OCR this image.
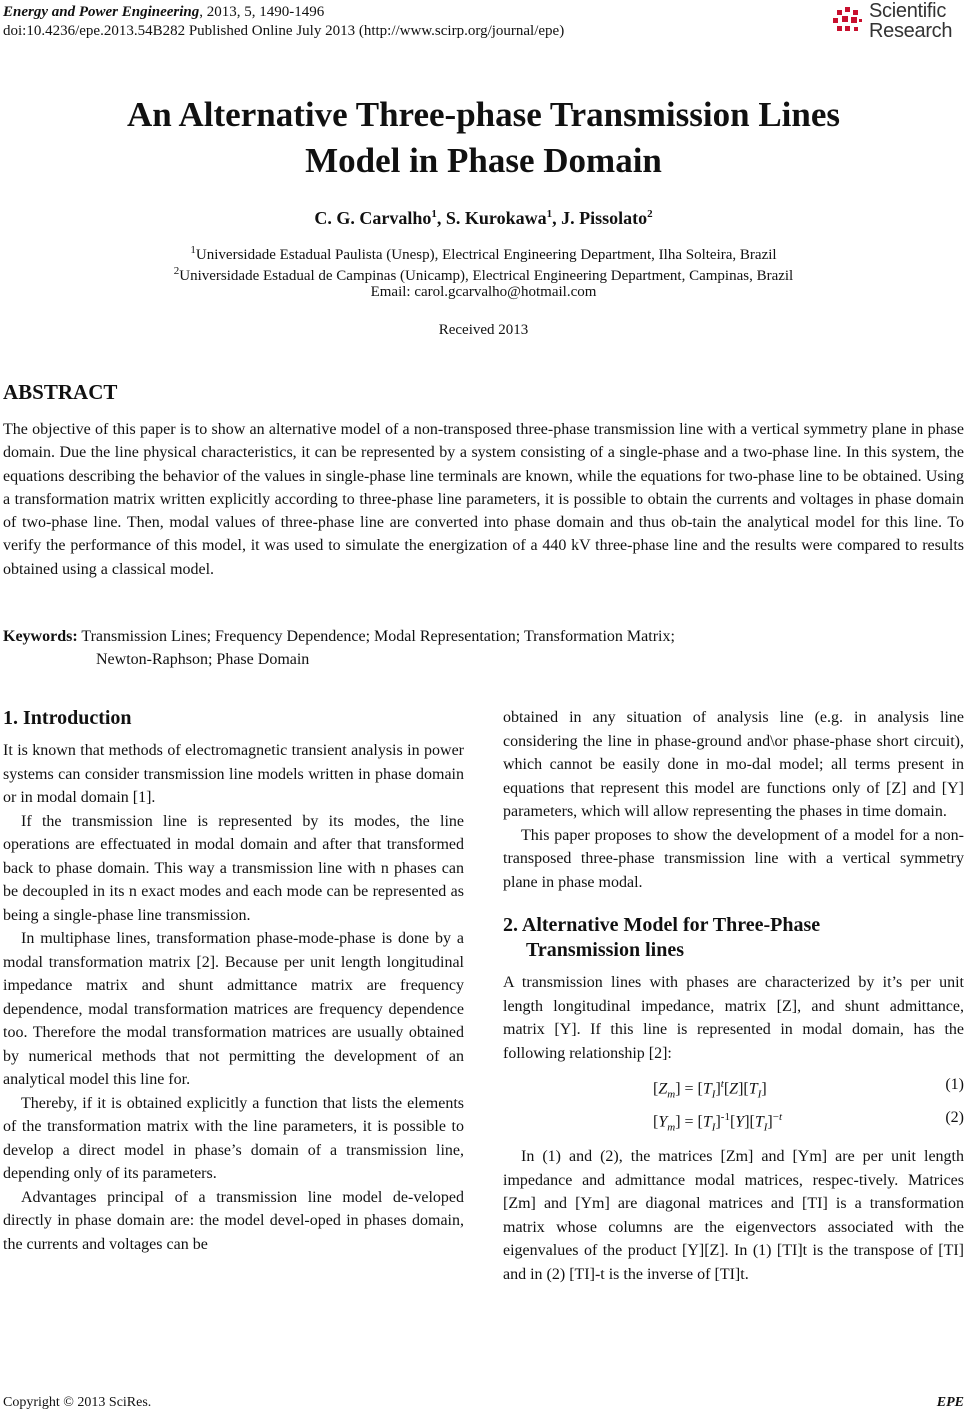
Energy and Power Engineering, 2013, 5, 1490-1496
doi:10.4236/epe.2013.54B282 Published Online July 2013 (http://www.scirp.org/journal/epe)
Scientific
Research
An Alternative Three-phase Transmission Lines
Model in Phase Domain
C. G. Carvalho$^1$, S. Kurokawa$^1$, J. Pissolato$^2$
$^1$Universidade Estadual Paulista (Unesp), Electrical Engineering Department, Ilha Solteira, Brazil
$^2$Universidade Estadual de Campinas (Unicamp), Electrical Engineering Department, Campinas, Brazil
Email: carol.gcarvalho@hotmail.com
Received 2013
ABSTRACT
The objective of this paper is to show an alternative model of a non-transposed three-phase transmission line with a vertical symmetry plane in phase domain. Due the line physical characteristics, it can be represented by a system consisting of a single-phase and a two-phase line. In this system, the equations describing the behavior of the values in single-phase line terminals are known, while the equations for two-phase line to be obtained. Using a transformation matrix written explicitly according to three-phase line parameters, it is possible to obtain the currents and voltages in phase domain of two-phase line. Then, modal values of three-phase line are converted into phase domain and thus ob-tain the analytical model for this line. To verify the performance of this model, it was used to simulate the energization of a 440 kV three-phase line and the results were compared to results obtained using a classical model.
Keywords: Transmission Lines; Frequency Dependence; Modal Representation; Transformation Matrix;
Newton-Raphson; Phase Domain
1. Introduction

It is known that methods of electromagnetic transient analysis in power systems can consider transmission line models written in phase domain or in modal domain [1].

If the transmission line is represented by its modes, the line operations are effectuated in modal domain and after that transformed back to phase domain. This way a transmission line with n phases can be decoupled in its n exact modes and each mode can be represented as being a single-phase line transmission.

In multiphase lines, transformation phase-mode-phase is done by a modal transformation matrix [2]. Because per unit length longitudinal impedance matrix and shunt admittance matrix are frequency dependence, modal transformation matrices are frequency dependence too. Therefore the modal transformation matrices are usually obtained by numerical methods that not permitting the development of an analytical model this line for.

Thereby, if it is obtained explicitly a function that lists the elements of the transformation matrix with the line parameters, it is possible to develop a direct model in phase’s domain of a transmission line, depending only of its parameters.

Advantages principal of a transmission line model de-veloped directly in phase domain are: the model devel-oped in phases domain, the currents and voltages can be

obtained in any situation of analysis line (e.g. in analysis line considering the line in phase-ground and\or phase-phase short circuit), which cannot be easily done in mo-dal model; all terms present in equations that represent this model are functions only of [Z] and [Y] parameters, which will allow representing the phases in time domain.

This paper proposes to show the development of a model for a non-transposed three-phase transmission line with a vertical symmetry plane in phase modal.

2. Alternative Model for Three-Phase
Transmission lines

A transmission lines with phases are characterized by it’s per unit length longitudinal impedance, matrix [Z], and shunt admittance, matrix [Y]. If this line is represented in modal domain, has the following relationship [2]:

$[Z_m] = [T_I]^t[Z][T_I]$	(1)
$[Y_m] = [T_I]^{-1}[Y][T_I]^{-t}$	(2)

In (1) and (2), the matrices [Zm] and [Ym] are per unit length impedance and admittance modal matrices, respec-tively. Matrices [Zm] and [Ym] are diagonal matrices and [TI] is a transformation matrix whose columns are the eigenvectors associated with the eigenvalues of the product [Y][Z]. In (1) [TI]t is the transpose of [TI] and in (2) [TI]-t is the inverse of [TI]t.

Copyright © 2013 SciRes.	EPE
